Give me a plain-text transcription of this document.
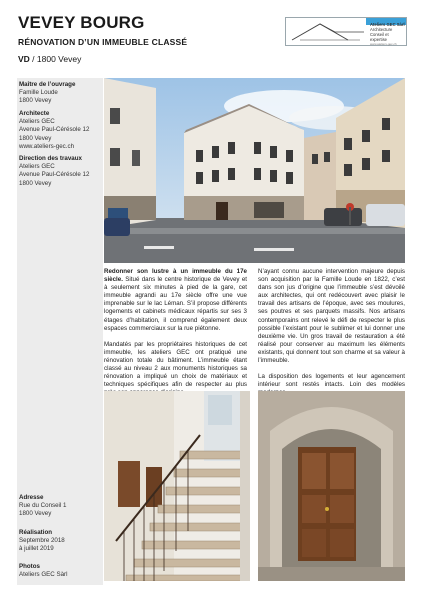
VEVEY BOURG
RÉNOVATION D’UN IMMEUBLE CLASSÉ
VD / 1800 Vevey
Ateliers GEC Sàrl
Architecture
Conseil et expertise
www.ateliers-gec.ch
Maître de l’ouvrage
Famille Loude
1800 Vevey
Architecte
Ateliers GEC
Avenue Paul-Cérésole 12
1800 Vevey
www.ateliers-gec.ch
Direction des travaux
Ateliers GEC
Avenue Paul-Cérésole 12
1800 Vevey
Adresse
Rue du Conseil 1
1800 Vevey
Réalisation
Septembre 2018
à juillet 2019
Photos
Ateliers GEC Sàrl

Redonner son lustre à un immeuble du 17e siècle. Situé dans le centre historique de Vevey et à seulement six minutes à pied de la gare, cet immeuble agrandi au 17e siècle offre une vue imprenable sur le lac Léman. S’il propose différents logements et cabinets médicaux répartis sur ses 3 étages d’habitation, il comprend également deux espaces commerciaux sur la rue piétonne.

Mandatés par les propriétaires historiques de cet immeuble, les ateliers GEC ont pratiqué une rénovation totale du bâtiment. L’immeuble étant classé au niveau 2 aux monuments historiques sa rénovation a impliqué un choix de matériaux et techniques spécifiques afin de respecter au plus

N’ayant connu aucune intervention majeure depuis son acquisition par la Famille Loude en 1822, c’est dans son jus d’origine que l’immeuble s’est dévoilé aux architectes, qui ont redécouvert avec plaisir le travail des artisans de l’époque, avec ses moulures, ses poutres et ses parquets massifs. Nos artisans contemporains ont relevé le défi de respecter le plus possible l’existant pour le sublimer et lui donner une deuxième vie. Un gros travail de restauration a été réalisé pour conserver au maximum les éléments existants, qui donnent tout son charme et sa valeur à l’immeuble.

La disposition des logements et leur agencement intérieur sont restés intacts. Loin des modèles
